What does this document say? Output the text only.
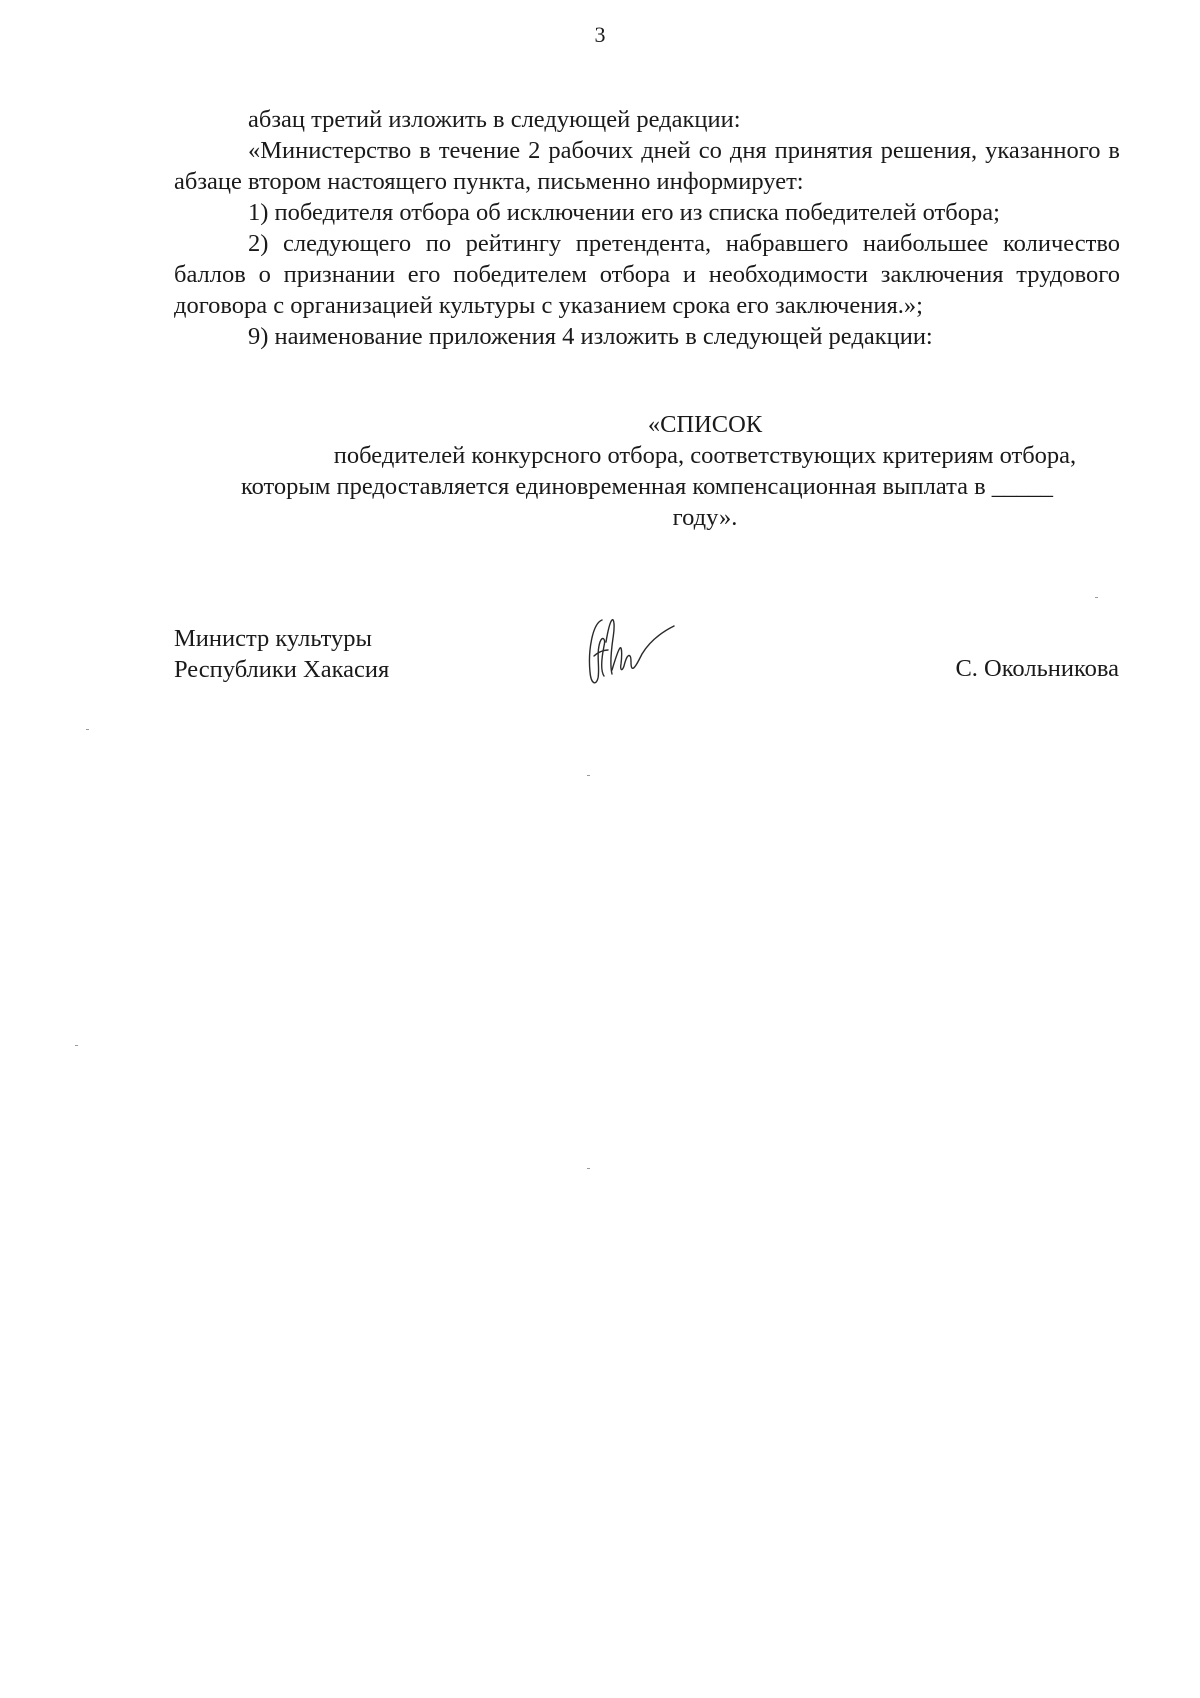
3

абзац третий изложить в следующей редакции:

«Министерство в течение 2 рабочих дней со дня принятия решения, указанного в абзаце втором настоящего пункта, письменно информирует:

1) победителя отбора об исключении его из списка победителей отбора;

2) следующего по рейтингу претендента, набравшего наибольшее количество баллов о признании его победителем отбора и необходимости заключения трудового договора с организацией культуры с указанием срока его заключения.»;

9) наименование приложения 4 изложить в следующей редакции:

«СПИСОК
победителей конкурсного отбора, соответствующих критериям отбора,
которым предоставляется единовременная компенсационная выплата в _____
году».
Министр культуры
Республики Хакасия	С. Окольникова
